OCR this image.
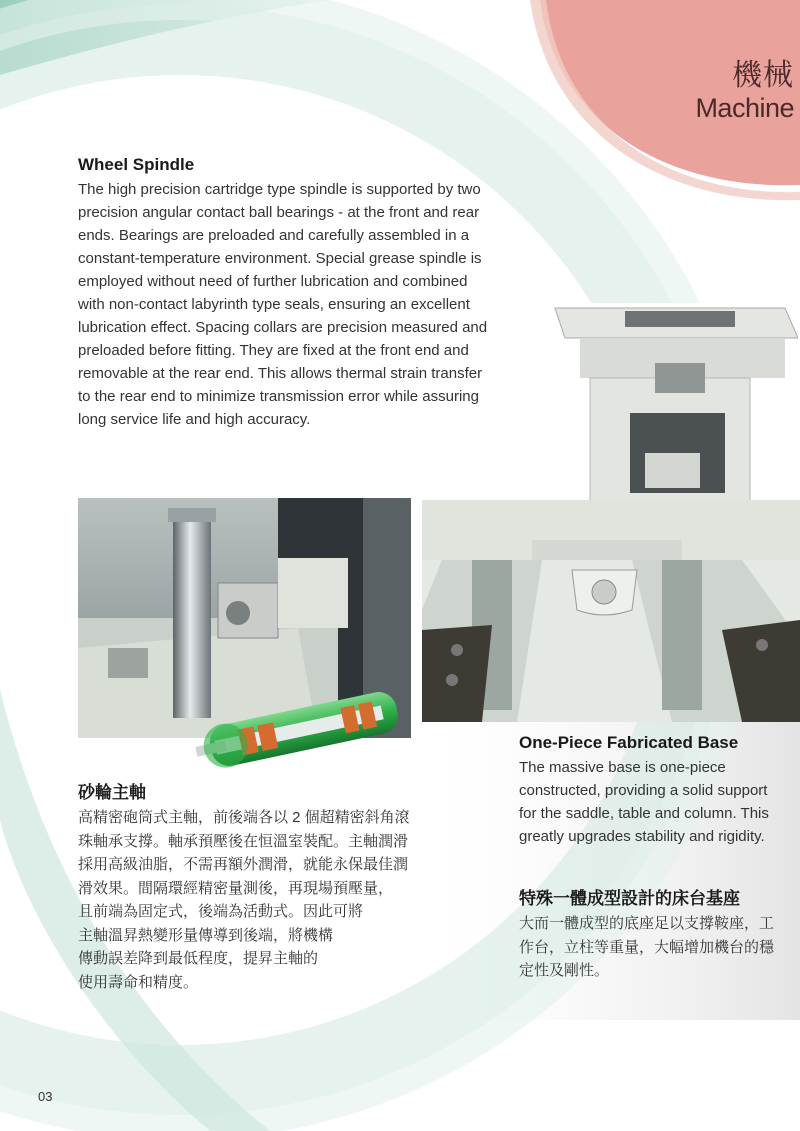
機械
Machine
Wheel Spindle

The high precision cartridge type spindle is supported by two precision angular contact ball bearings - at the front and rear ends. Bearings are preloaded and carefully assembled in a constant-temperature environment. Special grease spindle is employed without need of further lubrication and combined with non-contact labyrinth type seals, ensuring an excellent lubrication effect. Spacing collars are precision measured and preloaded before fitting. They are fixed at the front end and removable at the rear end. This allows thermal strain transfer to the rear end to minimize transmission error while assuring long service life and high accuracy.

砂輪主軸

高精密砲筒式主軸，前後端各以 2 個超精密斜角滾
珠軸承支撐。軸承預壓後在恒溫室裝配。主軸潤滑
採用高級油脂，不需再額外潤滑，就能永保最佳潤
滑效果。間隔環經精密量測後，再現場預壓量，
且前端為固定式，後端為活動式。因此可將
主軸溫昇熱變形量傳導到後端，將機構
傳動誤差降到最低程度，提昇主軸的
使用壽命和精度。

One-Piece Fabricated Base

The massive base is one-piece constructed, providing a solid support for the saddle, table and column. This greatly upgrades stability and rigidity.

特殊一體成型設計的床台基座

大而一體成型的底座足以支撐鞍座，工
作台，立柱等重量，大幅增加機台的穩
定性及剛性。

03
